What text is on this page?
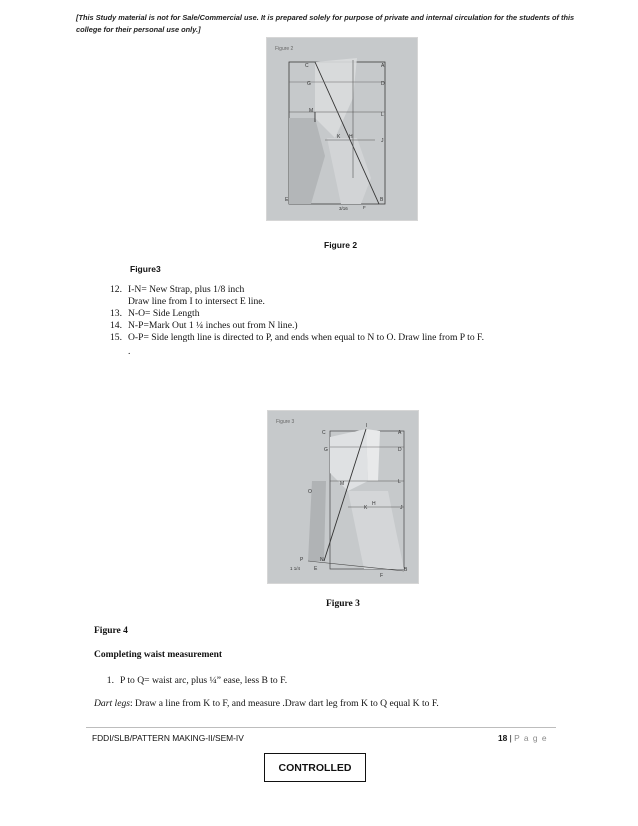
[This Study material is not for Sale/Commercial use. It is prepared solely for purpose of private and internal circulation for the students of this college for their personal use only.]
Figure 2
C	A
G	D
M
L
K H
J
E	B
F
3/16
Figure 2
Figure3
12. I-N= New Strap, plus 1/8 inch
Draw line from I to intersect E line.
13. N-O= Side Length
14. N-P=Mark Out 1 ¼ inches out from N line.)
15. O-P= Side length line is directed to P, and ends when equal to N to O. Draw line from P to F.
.
Figure 3
C
I
A
G	D
M	L
H
K	J
O
P	N
E
F
B
1 1/4
Figure 3
Figure 4
Completing waist measurement
1. P to Q= waist arc, plus ¼” ease, less B to F.
Dart legs: Draw a line from K to F, and measure .Draw dart leg from K to Q equal K to F.
FDDI/SLB/PATTERN MAKING-II/SEM-IV	18 | P a g e
CONTROLLED
